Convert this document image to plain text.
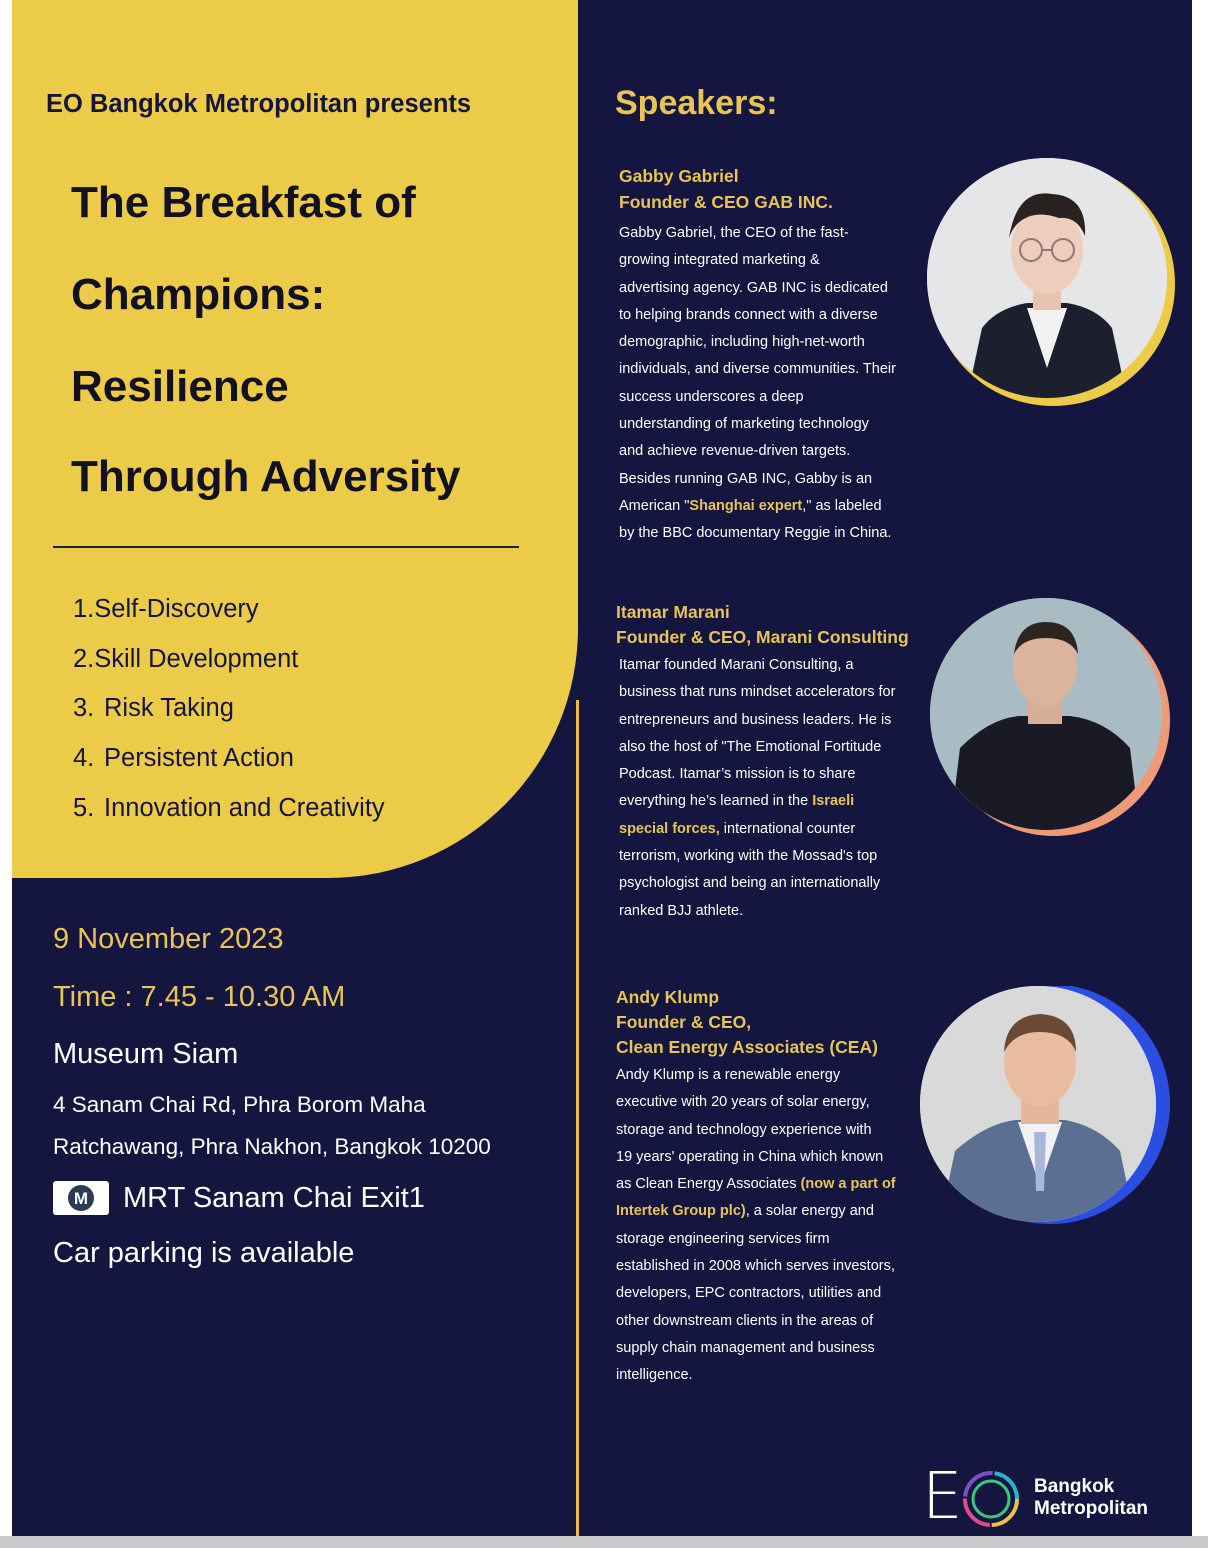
EO Bangkok Metropolitan presents
The Breakfast of
Champions:
Resilience
Through Adversity
1.Self-Discovery
2.Skill Development
3. Risk Taking
4. Persistent Action
5. Innovation and Creativity
9 November 2023
Time : 7.45 - 10.30 AM
Museum Siam
4 Sanam Chai Rd, Phra Borom Maha
Ratchawang, Phra Nakhon, Bangkok 10200
M MRT Sanam Chai Exit1
Car parking is available
Speakers:
Gabby Gabriel
Founder & CEO GAB INC.
Gabby Gabriel, the CEO of the fast-
growing integrated marketing &
advertising agency. GAB INC is dedicated
to helping brands connect with a diverse
demographic, including high-net-worth
individuals, and diverse communities. Their
success underscores a deep
understanding of marketing technology
and achieve revenue-driven targets.
Besides running GAB INC, Gabby is an
American "Shanghai expert," as labeled
by the BBC documentary Reggie in China.
Itamar Marani
Founder & CEO, Marani Consulting
Itamar founded Marani Consulting, a
business that runs mindset accelerators for
entrepreneurs and business leaders. He is
also the host of "The Emotional Fortitude
Podcast. Itamar’s mission is to share
everything he’s learned in the Israeli
special forces, international counter
terrorism, working with the Mossad's top
psychologist and being an internationally
ranked BJJ athlete.
Andy Klump
Founder & CEO,
Clean Energy Associates (CEA)
Andy Klump is a renewable energy
executive with 20 years of solar energy,
storage and technology experience with
19 years' operating in China which known
as Clean Energy Associates (now a part of
Intertek Group plc), a solar energy and
storage engineering services firm
established in 2008 which serves investors,
developers, EPC contractors, utilities and
other downstream clients in the areas of
supply chain management and business
intelligence.
E	Bangkok
Metropolitan
